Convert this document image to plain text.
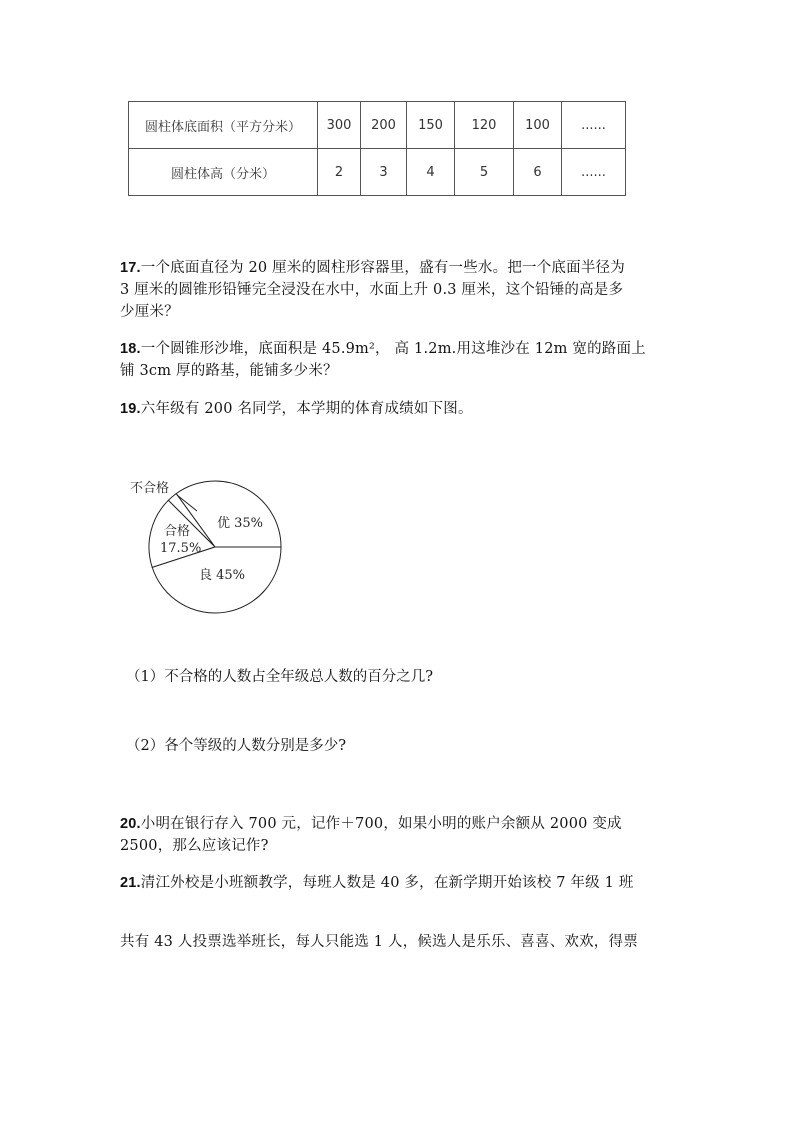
圆柱体底面积（平方分米）	300	200	150	120	100	......
圆柱体高（分米）	2	3	4	5	6	......
17.一个底面直径为 20 厘米的圆柱形容器里，盛有一些水。把一个底面半径为
3 厘米的圆锥形铅锤完全浸没在水中，水面上升 0.3 厘米，这个铅锤的高是多
少厘米？
18.一个圆锥形沙堆，底面积是 45.9m²， 高 1.2m.用这堆沙在 12m 宽的路面上
铺 3cm 厚的路基，能铺多少米？
19.六年级有 200 名同学，本学期的体育成绩如下图。
不合格
优 35%
合格
17.5%
良 45%
（1）不合格的人数占全年级总人数的百分之几?
（2）各个等级的人数分别是多少?
20.小明在银行存入 700 元，记作＋700，如果小明的账户余额从 2000 变成
2500，那么应该记作?
21.清江外校是小班额教学，每班人数是 40 多，在新学期开始该校 7 年级 1 班
共有 43 人投票选举班长，每人只能选 1 人，候选人是乐乐、喜喜、欢欢，得票
